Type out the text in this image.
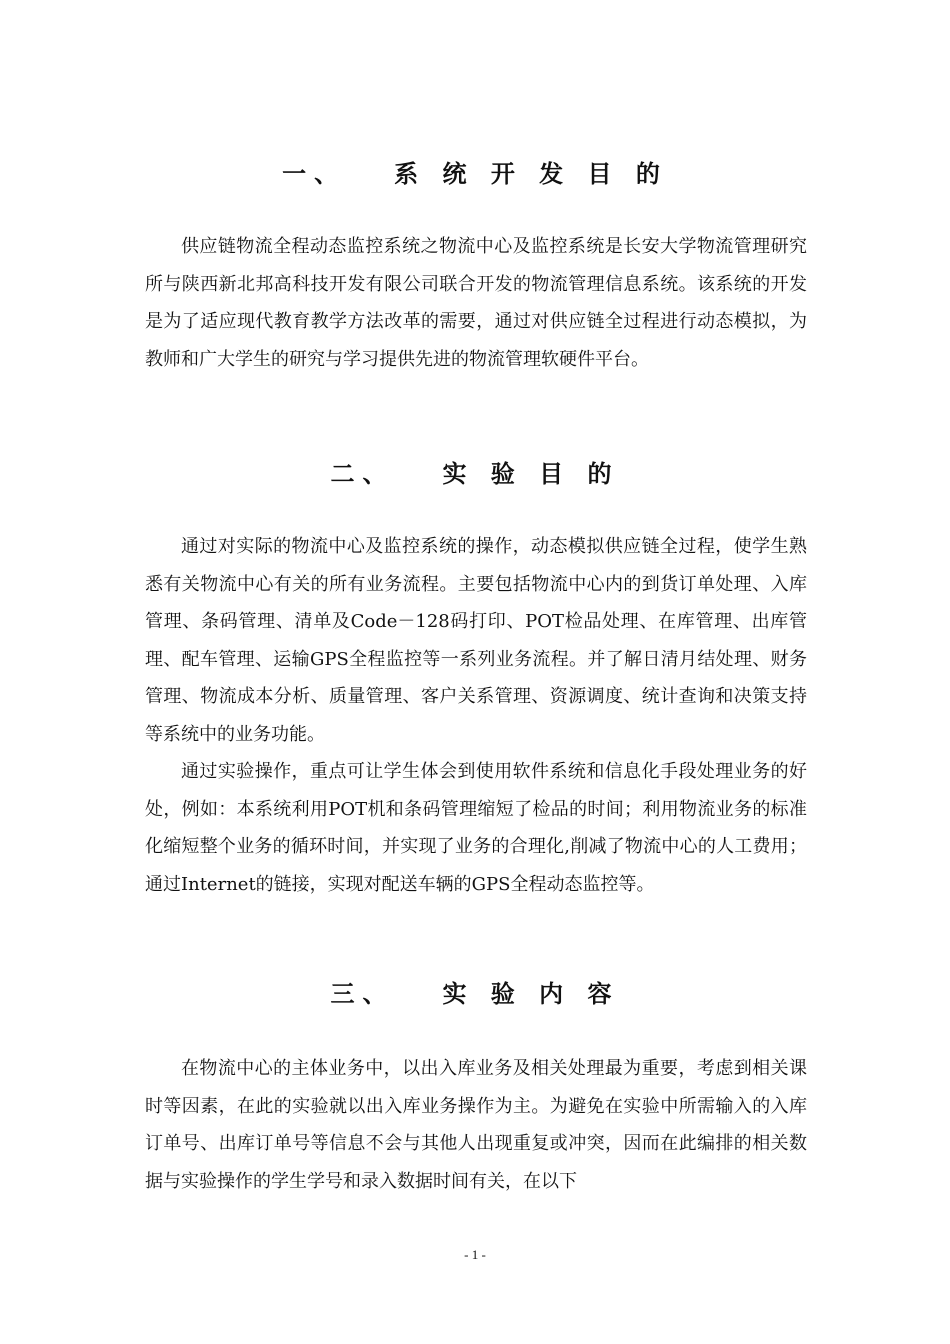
一、 系 统 开 发 目 的

供应链物流全程动态监控系统之物流中心及监控系统是长安大学物流管理研究所与陕西新北邦高科技开发有限公司联合开发的物流管理信息系统。该系统的开发是为了适应现代教育教学方法改革的需要，通过对供应链全过程进行动态模拟，为教师和广大学生的研究与学习提供先进的物流管理软硬件平台。

二、 实 验 目 的

通过对实际的物流中心及监控系统的操作，动态模拟供应链全过程，使学生熟悉有关物流中心有关的所有业务流程。主要包括物流中心内的到货订单处理、入库管理、条码管理、清单及Code－128码打印、POT检品处理、在库管理、出库管理、配车管理、运输GPS全程监控等一系列业务流程。并了解日清月结处理、财务管理、物流成本分析、质量管理、客户关系管理、资源调度、统计查询和决策支持等系统中的业务功能。

通过实验操作，重点可让学生体会到使用软件系统和信息化手段处理业务的好处，例如：本系统利用POT机和条码管理缩短了检品的时间；利用物流业务的标准化缩短整个业务的循环时间，并实现了业务的合理化,削减了物流中心的人工费用；通过Internet的链接，实现对配送车辆的GPS全程动态监控等。

三、 实 验 内 容

在物流中心的主体业务中，以出入库业务及相关处理最为重要，考虑到相关课时等因素，在此的实验就以出入库业务操作为主。为避免在实验中所需输入的入库订单号、出库订单号等信息不会与其他人出现重复或冲突，因而在此编排的相关数据与实验操作的学生学号和录入数据时间有关，在以下

- 1 -
